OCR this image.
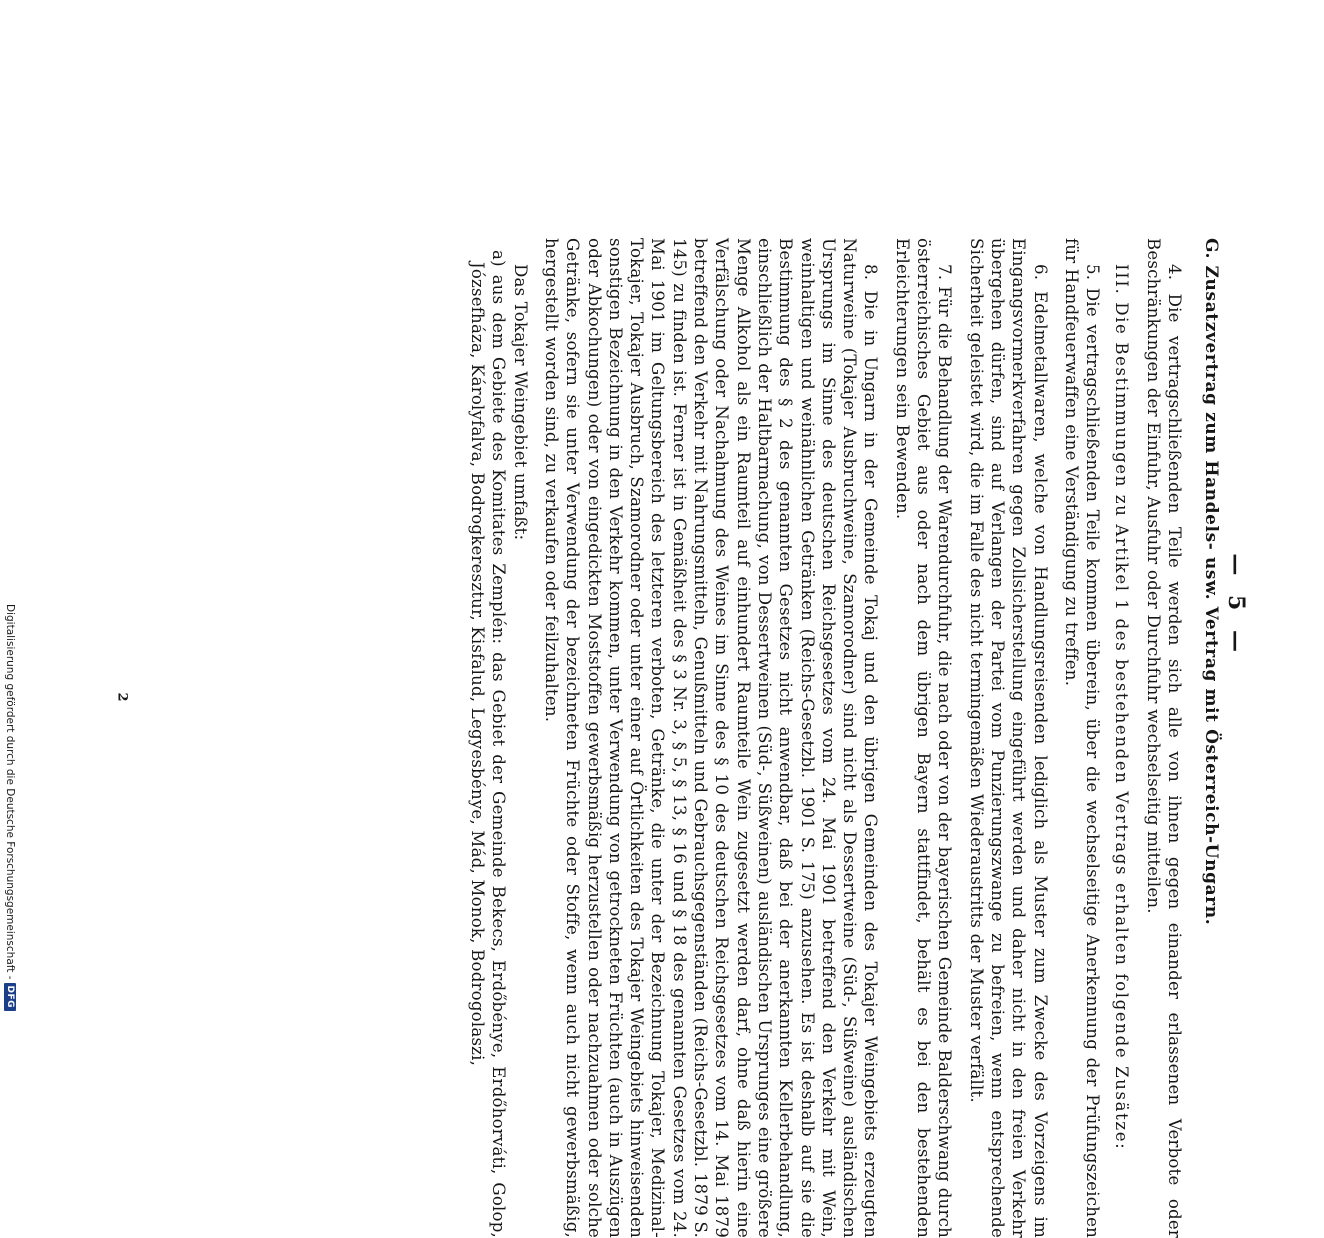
— 5 —
G. Zusatzvertrag zum Handels- usw. Vertrag mit Österreich-Ungarn.

4. Die vertragschließenden Teile werden sich alle von ihnen gegen einander erlassenen Verbote oder Beschränkungen der Einfuhr, Ausfuhr oder Durchfuhr wechselseitig mitteilen.

III. Die Bestimmungen zu Artikel 1 des bestehenden Vertrags erhalten folgende Zusätze:

5. Die vertragschließenden Teile kommen überein, über die wechselseitige Anerkennung der Prüfungszeichen für Handfeuerwaffen eine Verständigung zu treffen.

6. Edelmetallwaren, welche von Handlungsreisenden lediglich als Muster zum Zwecke des Vorzeigens im Eingangsvormerkverfahren gegen Zollsicherstellung eingeführt werden und daher nicht in den freien Verkehr übergehen dürfen, sind auf Verlangen der Partei vom Punzierungszwange zu befreien, wenn entsprechende Sicherheit geleistet wird, die im Falle des nicht termingemäßen Wiederaustritts der Muster verfällt.

7. Für die Behandlung der Warendurchfuhr, die nach oder von der bayerischen Gemeinde Balderschwang durch österreichisches Gebiet aus oder nach dem übrigen Bayern stattfindet, behält es bei den bestehenden Erleichterungen sein Bewenden.

8. Die in Ungarn in der Gemeinde Tokaj und den übrigen Gemeinden des Tokajer Weingebiets erzeugten Naturweine (Tokajer Ausbruchweine, Szamorodner) sind nicht als Dessertweine (Süd-, Süßweine) ausländischen Ursprungs im Sinne des deutschen Reichsgesetzes vom 24. Mai 1901 betreffend den Verkehr mit Wein, weinhaltigen und weinähnlichen Getränken (Reichs-Gesetzbl. 1901 S. 175) anzusehen. Es ist deshalb auf sie die Bestimmung des § 2 des genannten Gesetzes nicht anwendbar, daß bei der anerkannten Kellerbehandlung, einschließlich der Haltbarmachung, von Dessertweinen (Süd-, Süßweinen) ausländischen Ursprunges eine größere Menge Alkohol als ein Raumteil auf einhundert Raumteile Wein zugesetzt werden darf, ohne daß hierin eine Verfälschung oder Nachahmung des Weines im Sinne des § 10 des deutschen Reichsgesetzes vom 14. Mai 1879 betreffend den Verkehr mit Nahrungsmitteln, Genußmitteln und Gebrauchsgegenständen (Reichs-Gesetzbl. 1879 S. 145) zu finden ist. Ferner ist in Gemäßheit des § 3 Nr. 3, § 5, § 13, § 16 und § 18 des genannten Gesetzes vom 24. Mai 1901 im Geltungsbereich des letzteren verboten, Getränke, die unter der Bezeichnung Tokajer, Medizinal-Tokajer, Tokajer Ausbruch, Szamorodner oder unter einer auf Örtlichkeiten des Tokajer Weingebiets hinweisenden sonstigen Bezeichnung in den Verkehr kommen, unter Verwendung von getrockneten Früchten (auch in Auszügen oder Abkochungen) oder von eingedickten Moststoffen gewerbsmäßig herzustellen oder nachzuahmen oder solche Getränke, sofern sie unter Verwendung der bezeichneten Früchte oder Stoffe, wenn auch nicht gewerbsmäßig, hergestellt worden sind, zu verkaufen oder feilzuhalten.

Das Tokajer Weingebiet umfaßt:

a) aus dem Gebiete des Komitates Zemplén: das Gebiet der Gemeinde Bekecs, Erdőbénye, Erdőhorváti, Golop, Józsefháza, Károlyfalva, Bodrogkeresztur, Kisfalud, Legyesbénye, Mád, Monok, Bodrogolaszi,

2
Digitalisierung gefördert durch die Deutsche Forschungsgemeinschaft -DFG
